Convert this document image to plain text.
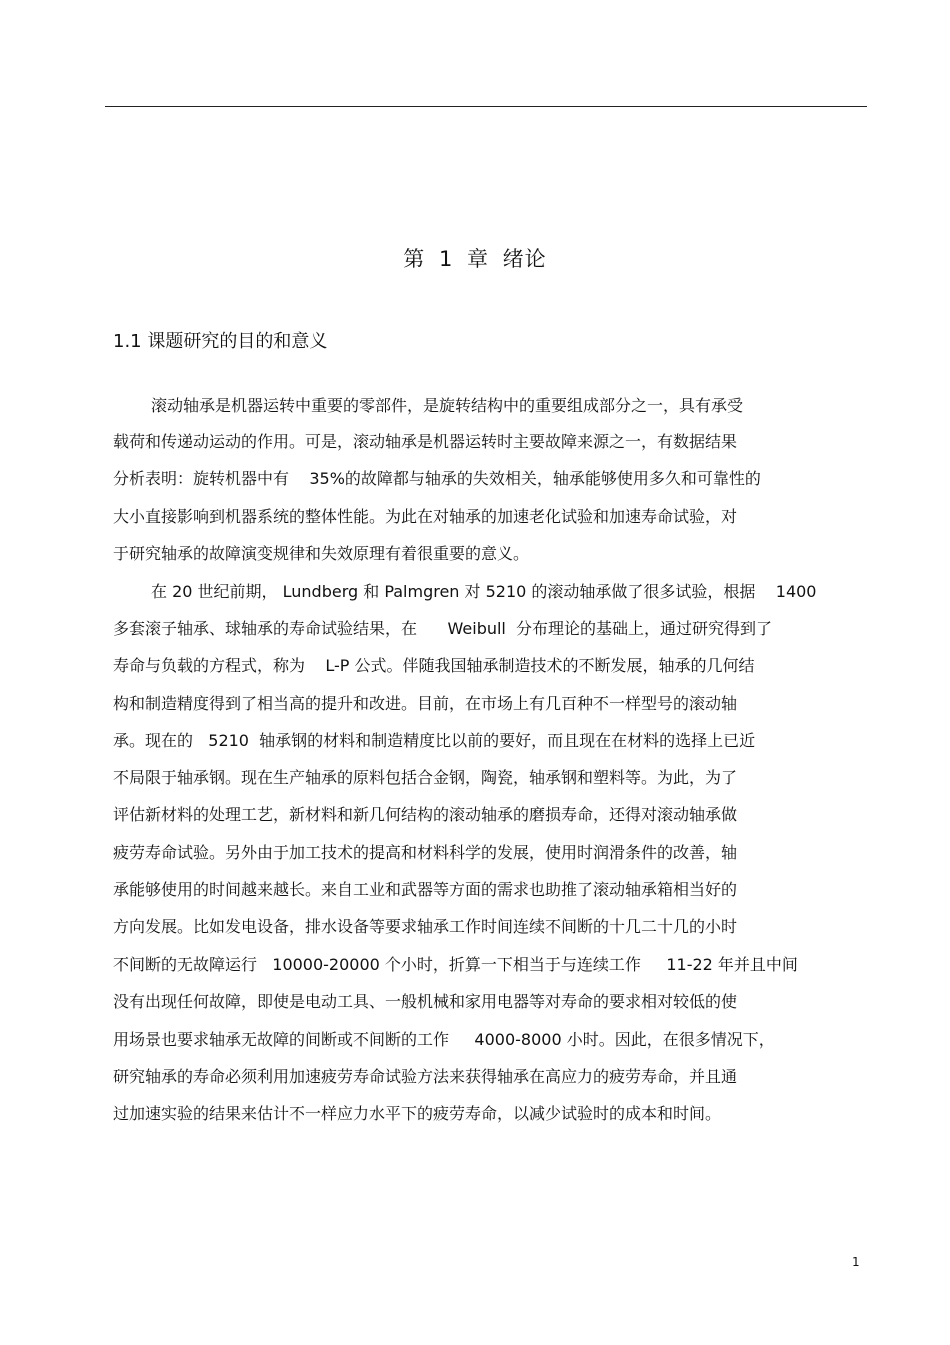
第 1 章 绪论
1.1 课题研究的目的和意义
滚动轴承是机器运转中重要的零部件，是旋转结构中的重要组成部分之一，具有承受
载荷和传递动运动的作用。可是，滚动轴承是机器运转时主要故障来源之一，有数据结果
分析表明：旋转机器中有    35%的故障都与轴承的失效相关，轴承能够使用多久和可靠性的
大小直接影响到机器系统的整体性能。为此在对轴承的加速老化试验和加速寿命试验，对
于研究轴承的故障演变规律和失效原理有着很重要的意义。
在 20 世纪前期， Lundberg 和 Palmgren 对 5210 的滚动轴承做了很多试验，根据    1400
多套滚子轴承、球轴承的寿命试验结果，在      Weibull  分布理论的基础上，通过研究得到了
寿命与负载的方程式，称为    L-P 公式。伴随我国轴承制造技术的不断发展，轴承的几何结
构和制造精度得到了相当高的提升和改进。目前，在市场上有几百种不一样型号的滚动轴
承。现在的   5210  轴承钢的材料和制造精度比以前的要好，而且现在在材料的选择上已近
不局限于轴承钢。现在生产轴承的原料包括合金钢，陶瓷，轴承钢和塑料等。为此，为了
评估新材料的处理工艺，新材料和新几何结构的滚动轴承的磨损寿命，还得对滚动轴承做
疲劳寿命试验。另外由于加工技术的提高和材料科学的发展，使用时润滑条件的改善，轴
承能够使用的时间越来越长。来自工业和武器等方面的需求也助推了滚动轴承箱相当好的
方向发展。比如发电设备，排水设备等要求轴承工作时间连续不间断的十几二十几的小时
不间断的无故障运行   10000-20000 个小时，折算一下相当于与连续工作     11-22 年并且中间
没有出现任何故障，即使是电动工具、一般机械和家用电器等对寿命的要求相对较低的使
用场景也要求轴承无故障的间断或不间断的工作     4000-8000 小时。因此，在很多情况下，
研究轴承的寿命必须利用加速疲劳寿命试验方法来获得轴承在高应力的疲劳寿命，并且通
过加速实验的结果来估计不一样应力水平下的疲劳寿命，以减少试验时的成本和时间。
1
